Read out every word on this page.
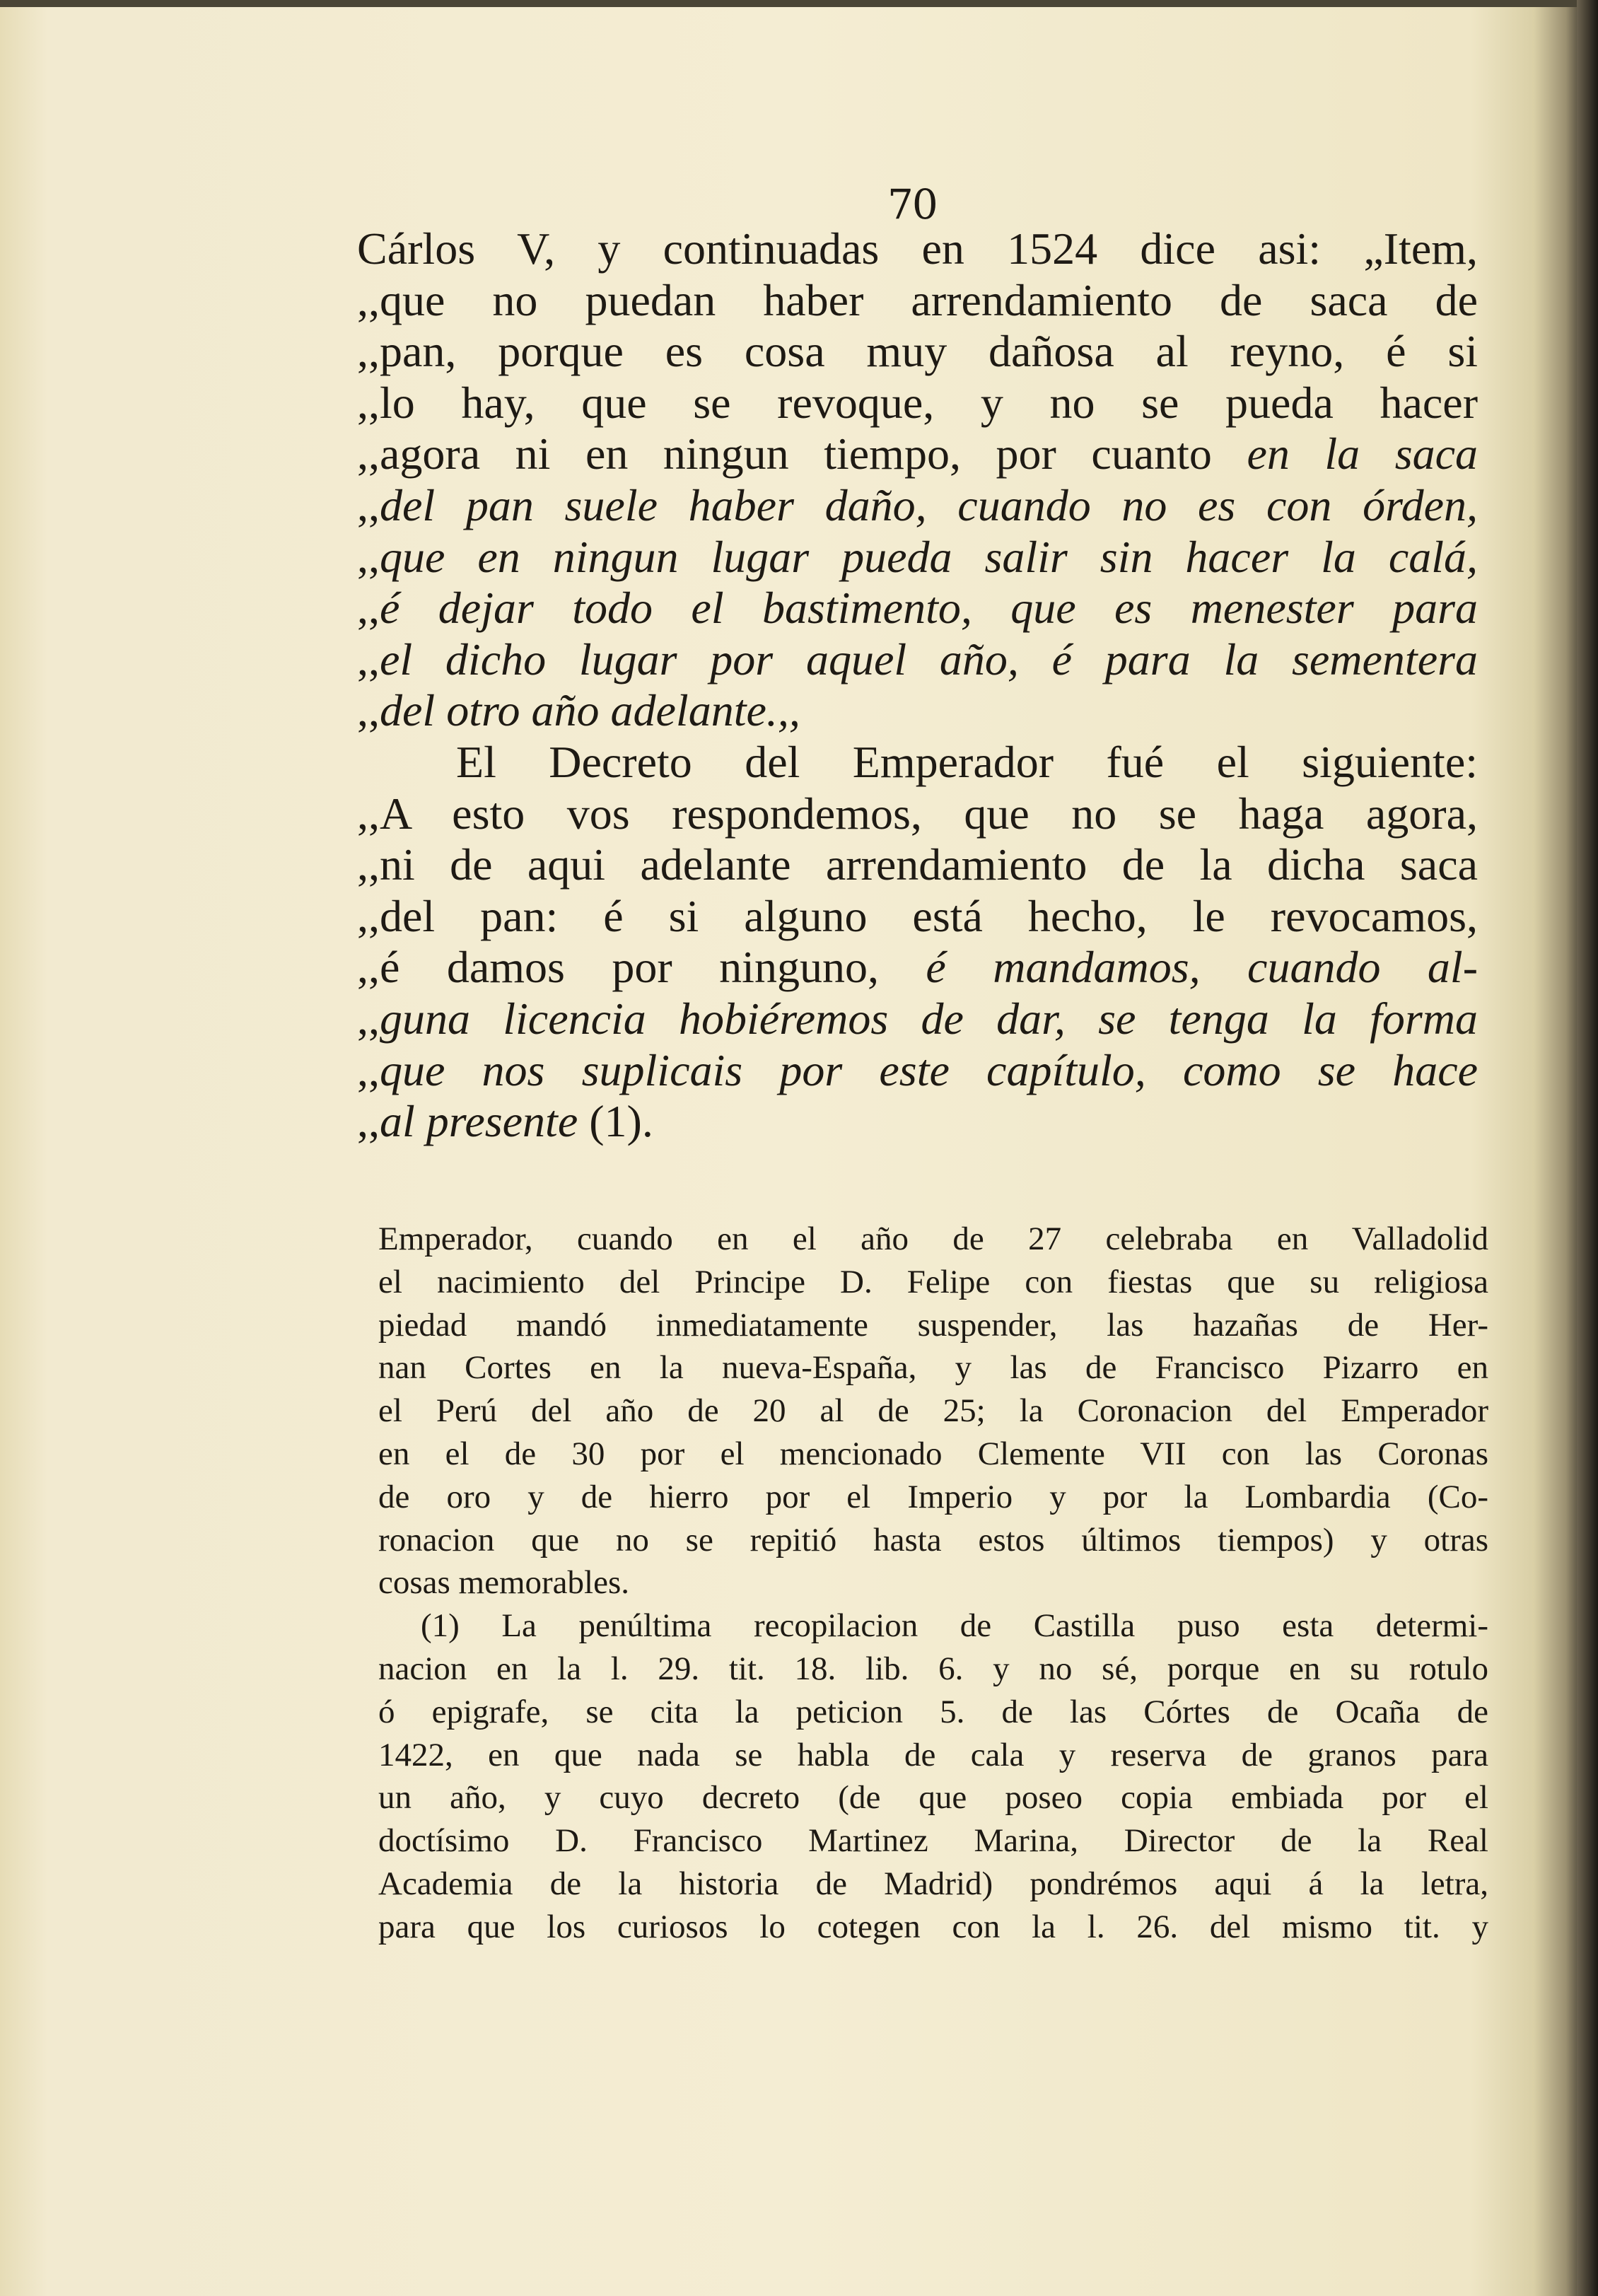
70
Cárlos V, y continuadas en 1524 dice asi: „Item,
,,que no puedan haber arrendamiento de saca de
,,pan, porque es cosa muy dañosa al reyno, é si
,,lo hay, que se revoque, y no se pueda hacer
,,agora ni en ningun tiempo, por cuanto en la saca
,,del pan suele haber daño, cuando no es con órden,
,,que en ningun lugar pueda salir sin hacer la calá,
,,é dejar todo el bastimento, que es menester para
,,el dicho lugar por aquel año, é para la sementera
,,del otro año adelante.,,
El Decreto del Emperador fué el siguiente:
,,A esto vos respondemos, que no se haga agora,
,,ni de aqui adelante arrendamiento de la dicha saca
,,del pan: é si alguno está hecho, le revocamos,
,,é damos por ninguno, é mandamos, cuando al-
,,guna licencia hobiéremos de dar, se tenga la forma
,,que nos suplicais por este capítulo, como se hace
,,al presente (1).
Emperador, cuando en el año de 27 celebraba en Valladolid
el nacimiento del Principe D. Felipe con fiestas que su religiosa
piedad mandó inmediatamente suspender, las hazañas de Her-
nan Cortes en la nueva-España, y las de Francisco Pizarro en
el Perú del año de 20 al de 25; la Coronacion del Emperador
en el de 30 por el mencionado Clemente VII con las Coronas
de oro y de hierro por el Imperio y por la Lombardia (Co-
ronacion que no se repitió hasta estos últimos tiempos) y otras
cosas memorables.
(1) La penúltima recopilacion de Castilla puso esta determi-
nacion en la l. 29. tit. 18. lib. 6. y no sé, porque en su rotulo
ó epigrafe, se cita la peticion 5. de las Córtes de Ocaña de
1422, en que nada se habla de cala y reserva de granos para
un año, y cuyo decreto (de que poseo copia embiada por el
doctísimo D. Francisco Martinez Marina, Director de la Real
Academia de la historia de Madrid) pondrémos aqui á la letra,
para que los curiosos lo cotegen con la l. 26. del mismo tit. y
